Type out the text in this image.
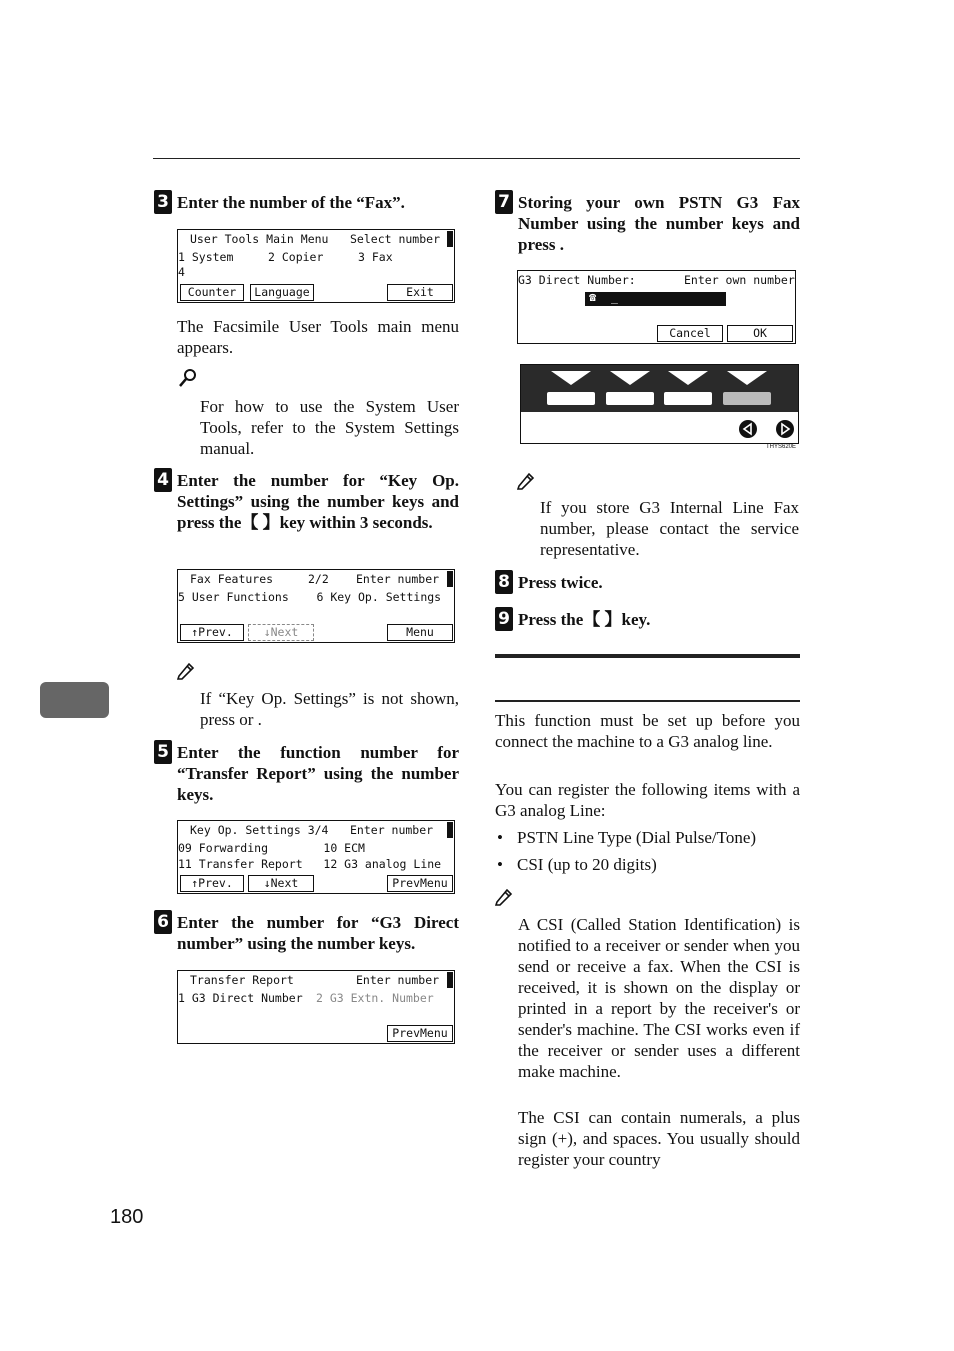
3 Enter the number of the “Fax”.
User Tools Main Menu Select number
1 System     2 Copier     3 Fax
4
Counter	Language	Exit
The Facsimile User Tools main menu appears.
For how to use the System User Tools, refer to the System Settings manual.
4 Enter the number for “Key Op. Settings” using the number keys and press the【 】key within 3 seconds.
Fax Features	2/2 Enter number
5 User Functions    6 Key Op. Settings
↑Prev.	↓Next	Menu
If “Key Op. Settings” is not shown, press or .
5 Enter the function number for “Transfer Report” using the number keys.
Key Op. Settings 3/4 Enter number
09 Forwarding        10 ECM
11 Transfer Report   12 G3 analog Line
↑Prev.	↓Next	PrevMenu
6 Enter the number for “G3 Direct number” using the number keys.
Transfer Report	Enter number
1 G3 Direct Number 2 G3 Extn. Number
PrevMenu
180
7 Storing your own PSTN G3 Fax Number using the number keys and press .
G3 Direct Number:	Enter own number
☎ _
Cancel	OK
THYS620E
If you store G3 Internal Line Fax number, please contact the service representative.
8 Press twice.
9 Press the【 】key.
This function must be set up before you connect the machine to a G3 analog line.
You can register the following items with a G3 analog Line:
• PSTN Line Type (Dial Pulse/Tone)
• CSI (up to 20 digits)
A CSI (Called Station Identification) is notified to a receiver or sender when you send or receive a fax. When the CSI is received, it is shown on the display or printed in a report by the receiver's or sender's machine. The CSI works even if the receiver or sender uses a different make machine.
The CSI can contain numerals, a plus sign (+), and spaces. You usually should register your country
